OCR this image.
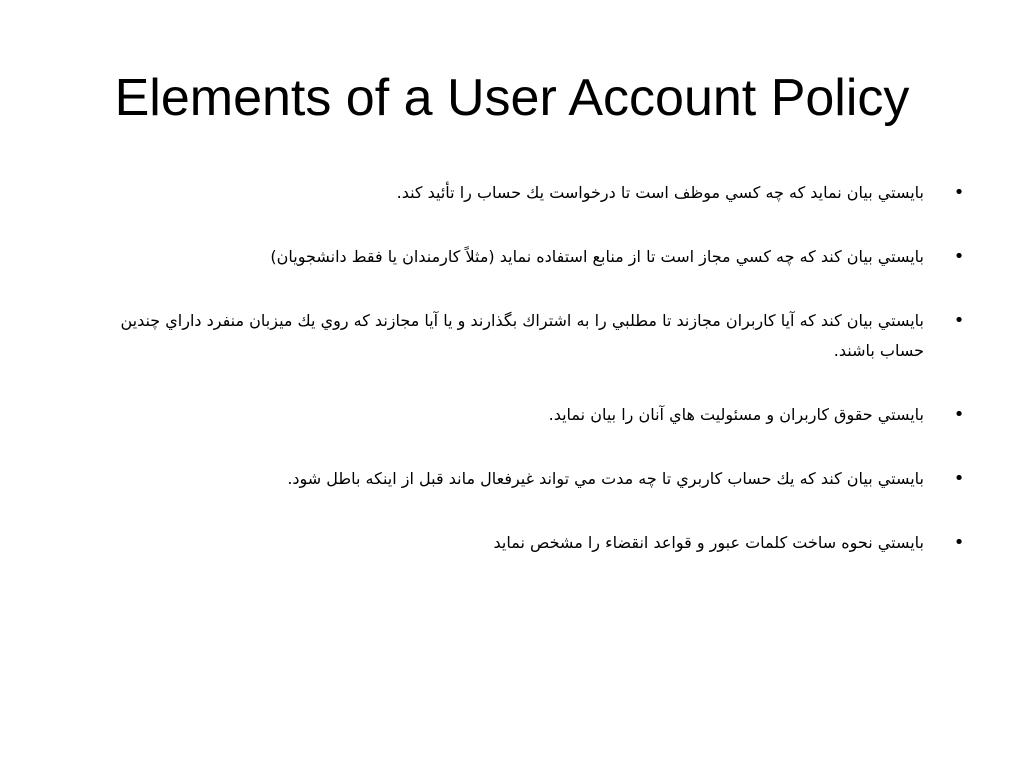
Elements of a User Account Policy
•
بايستي بيان نمايد كه چه كسي موظف است تا درخواست يك حساب را تأئيد كند.
•
بايستي بيان كند كه چه كسي مجاز است تا از منابع استفاده نمايد (مثلاً كارمندان يا فقط دانشجويان)
•
بايستي بيان كند كه آيا كاربران مجازند تا مطلبي را به اشتراك بگذارند و يا آيا مجازند كه روي يك ميزبان منفرد داراي چندين حساب باشند.
•
بايستي حقوق كاربران و مسئوليت هاي آنان را بيان نمايد.
•
بايستي بيان كند كه يك حساب كاربري تا چه مدت مي تواند غيرفعال ماند قبل از اينكه باطل شود.
•
بايستي نحوه ساخت كلمات عبور و قواعد انقضاء را مشخص نمايد
